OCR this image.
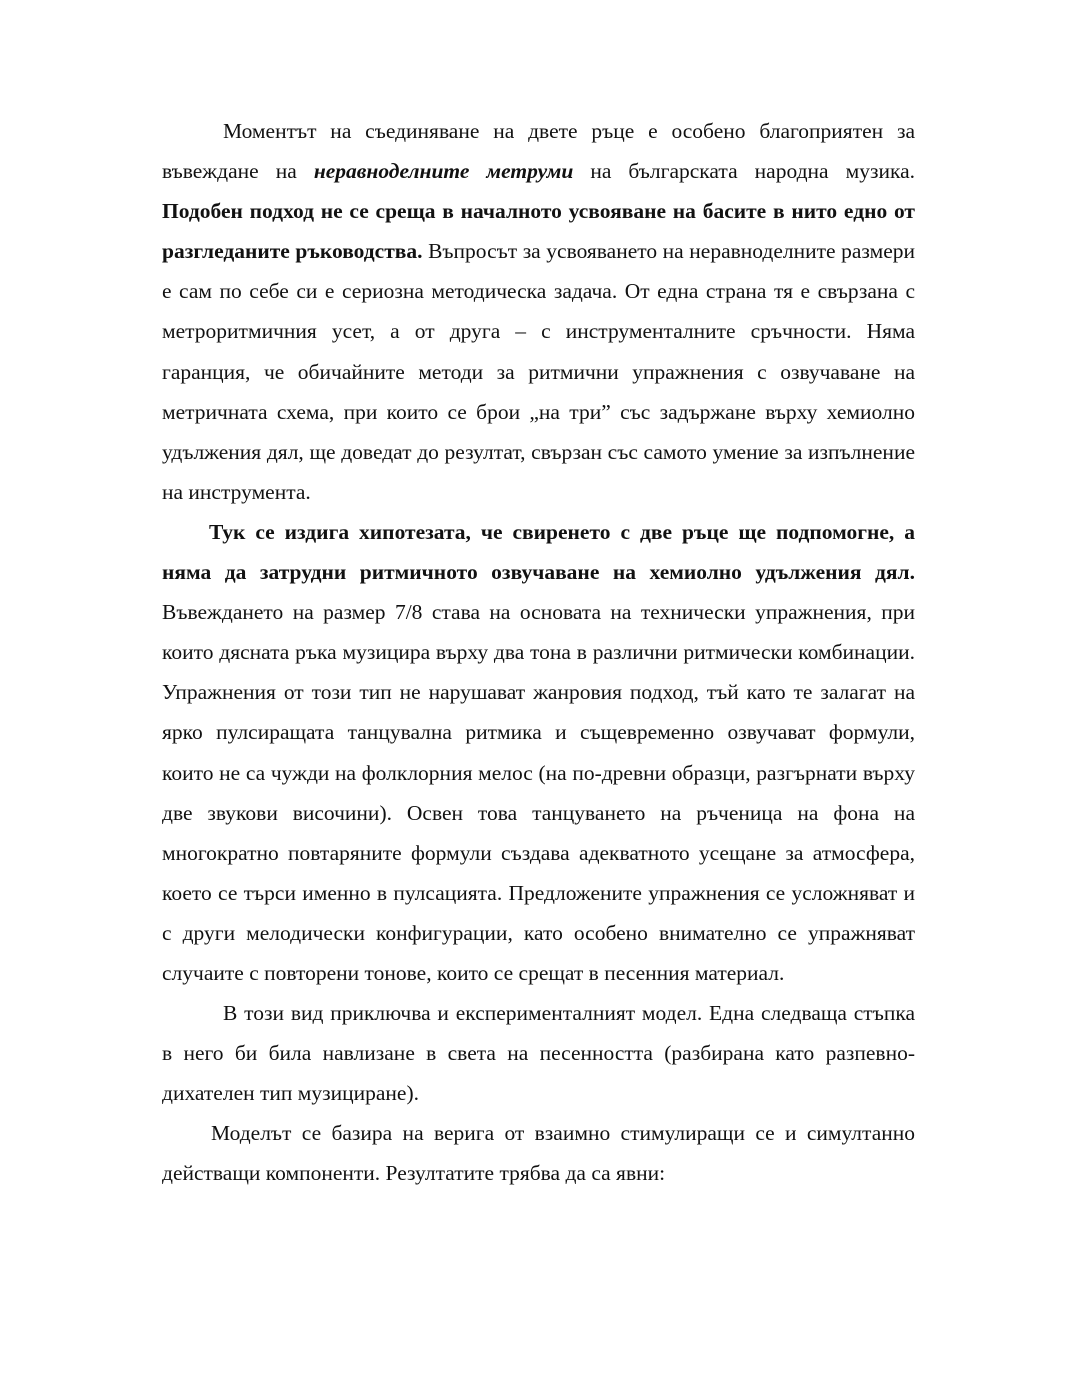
Моментът на съединяване на двете ръце е особено благоприятен за въвеждане на неравноделните метруми на българската народна музика. Подобен подход не се среща в началното усвояване на басите в нито едно от разгледаните ръководства. Въпросът за усвояването на неравноделните размери е сам по себе си е сериозна методическа задача. От една страна тя е свързана с метроритмичния усет, а от друга – с инструменталните сръчности. Няма гаранция, че обичайните методи за ритмични упражнения с озвучаване на метричната схема, при които се брои „на три” със задържане върху хемиолно удължения дял, ще доведат до резултат, свързан със самото умение за изпълнение на инструмента.

Тук се издига хипотезата, че свиренето с две ръце ще подпомогне, а няма да затрудни ритмичното озвучаване на хемиолно удължения дял. Въвеждането на размер 7/8 става на основата на технически упражнения, при които дясната ръка музицира върху два тона в различни ритмически комбинации. Упражнения от този тип не нарушават жанровия подход, тъй като те залагат на ярко пулсиращата танцувална ритмика и същевременно озвучават формули, които не са чужди на фолклорния мелос (на по-древни образци, разгърнати върху две звукови височини). Освен това танцуването на ръченица на фона на многократно повтаряните формули създава адекватното усещане за атмосфера, което се търси именно в пулсацията. Предложените упражнения се усложняват и с други мелодически конфигурации, като особено внимателно се упражняват случаите с повторени тонове, които се срещат в песенния материал.

В този вид приключва и експерименталният модел. Една следваща стъпка в него би била навлизане в света на песенността (разбирана като разпевно-дихателен тип музициране).

Моделът се базира на верига от взаимно стимулиращи се и симултанно действащи компоненти. Резултатите трябва да са явни:
